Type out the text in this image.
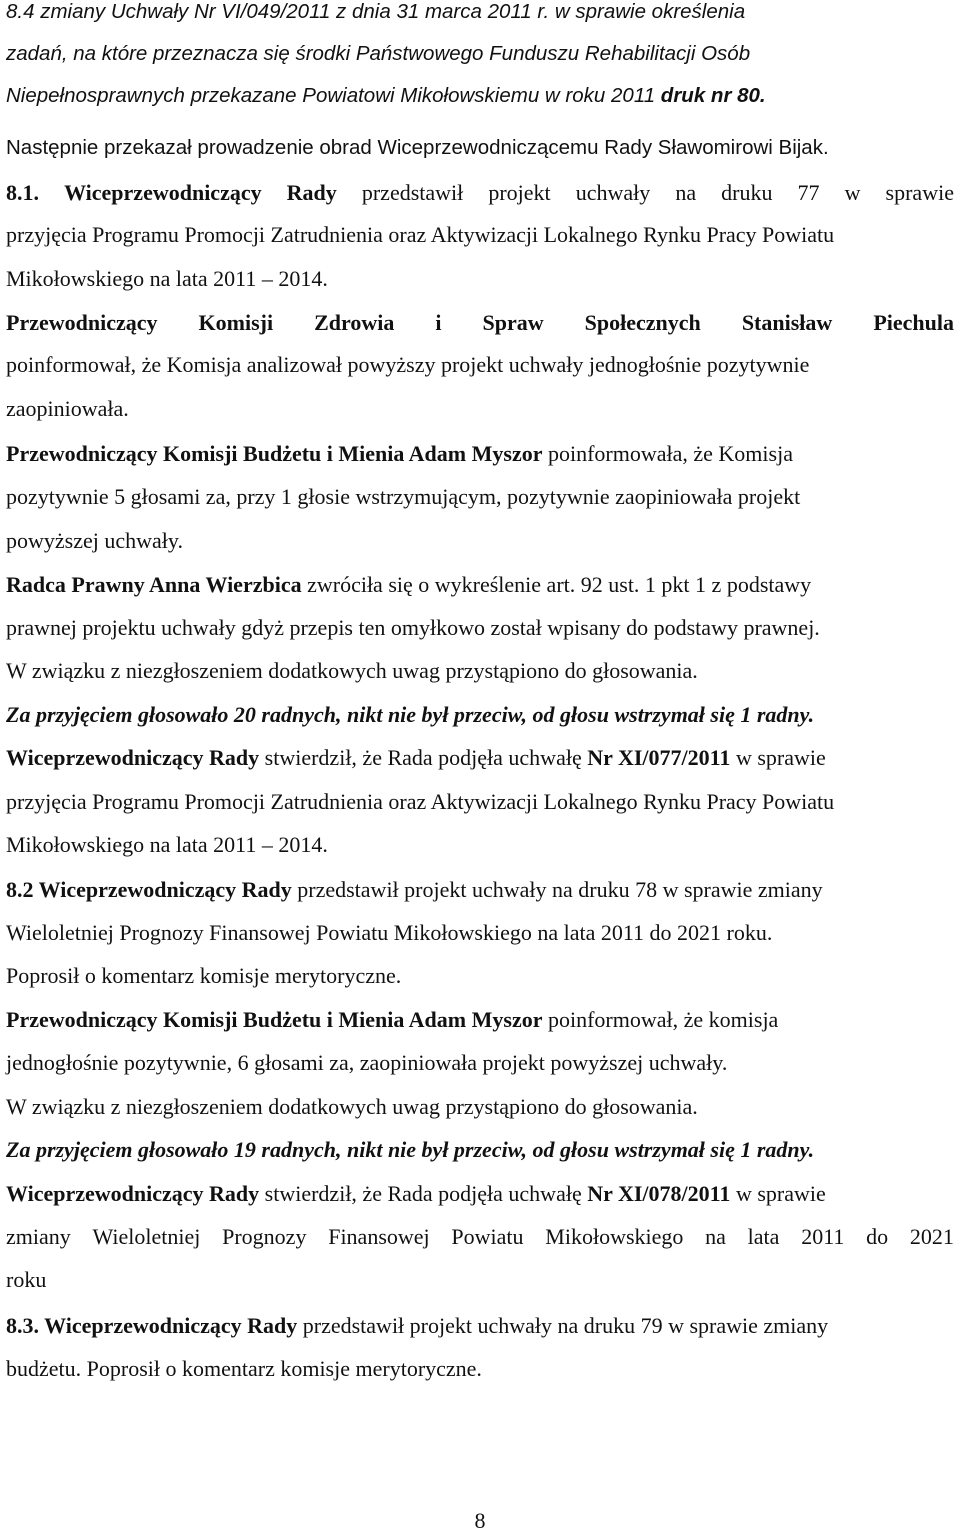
8.4 zmiany Uchwały Nr VI/049/2011 z dnia 31 marca 2011 r. w sprawie określenia
zadań, na które przeznacza się środki Państwowego Funduszu Rehabilitacji Osób
Niepełnosprawnych przekazane Powiatowi Mikołowskiemu w roku 2011 druk nr 80.
Następnie przekazał prowadzenie obrad Wiceprzewodniczącemu Rady Sławomirowi Bijak.
8.1. Wiceprzewodniczący Rady przedstawił projekt uchwały na druku 77 w sprawie
przyjęcia Programu Promocji Zatrudnienia oraz Aktywizacji Lokalnego Rynku Pracy Powiatu
Mikołowskiego na lata 2011 – 2014.
Przewodniczący Komisji Zdrowia i Spraw Społecznych Stanisław Piechula
poinformował, że Komisja analizował powyższy projekt uchwały jednogłośnie pozytywnie
zaopiniowała.
Przewodniczący Komisji Budżetu i Mienia Adam Myszor poinformowała, że Komisja
pozytywnie 5 głosami za, przy 1 głosie wstrzymującym, pozytywnie zaopiniowała projekt
powyższej uchwały.
Radca Prawny Anna Wierzbica zwróciła się o wykreślenie art. 92 ust. 1 pkt 1 z podstawy
prawnej projektu uchwały gdyż przepis ten omyłkowo został wpisany do podstawy prawnej.
W związku z niezgłoszeniem dodatkowych uwag przystąpiono do głosowania.
Za przyjęciem głosowało 20 radnych, nikt nie był przeciw, od głosu wstrzymał się 1 radny.
Wiceprzewodniczący Rady stwierdził, że Rada podjęła uchwałę Nr XI/077/2011 w sprawie
przyjęcia Programu Promocji Zatrudnienia oraz Aktywizacji Lokalnego Rynku Pracy Powiatu
Mikołowskiego na lata 2011 – 2014.
8.2 Wiceprzewodniczący Rady przedstawił projekt uchwały na druku 78 w sprawie zmiany
Wieloletniej Prognozy Finansowej Powiatu Mikołowskiego na lata 2011 do 2021 roku.
Poprosił o komentarz komisje merytoryczne.
Przewodniczący Komisji Budżetu i Mienia Adam Myszor poinformował, że komisja
jednogłośnie pozytywnie, 6 głosami za, zaopiniowała projekt powyższej uchwały.
W związku z niezgłoszeniem dodatkowych uwag przystąpiono do głosowania.
Za przyjęciem głosowało 19 radnych, nikt nie był przeciw, od głosu wstrzymał się 1 radny.
Wiceprzewodniczący Rady stwierdził, że Rada podjęła uchwałę Nr XI/078/2011 w sprawie
zmiany Wieloletniej Prognozy Finansowej Powiatu Mikołowskiego na lata 2011 do 2021
roku
8.3. Wiceprzewodniczący Rady przedstawił projekt uchwały na druku 79 w sprawie zmiany
budżetu. Poprosił o komentarz komisje merytoryczne.
8
